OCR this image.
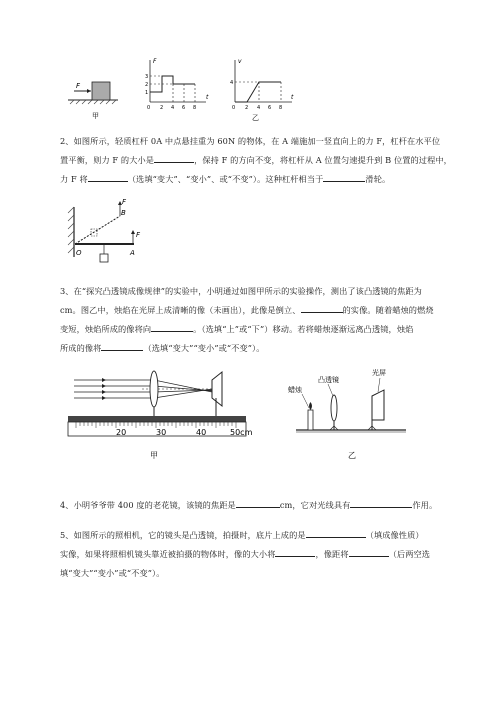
F
甲
F
t
3
2
1
0 2 4 6 8
v
t
4
0 2 4 6 8
乙
2、如图所示，轻质杠杆 0A 中点悬挂重为 60N 的物体，在 A 端施加一竖直向上的力 F，杠杆在水平位
置平衡，则力 F 的大小是	，保持 F 的方向不变，将杠杆从 A 位置匀速提升到 B 位置的过程中，
力 F 将	（选填“变大”、“变小”、或“不变”）。这种杠杆相当于	滑轮。
F
B
O	A
F
3、在“探究凸透镜成像规律”的实验中，小明通过如图甲所示的实验操作，测出了该凸透镜的焦距为
cm。图乙中，烛焰在光屏上成清晰的像（未画出），此像是倒立、	的实像。随着蜡烛的燃烧
变短，烛焰所成的像将向	。（选填“上”或“下”）移动。若将蜡烛逐渐远离凸透镜，烛焰
所成的像将	（选填“变大”“变小”或“不变”）。
20	30	40	50cm
甲
凸透镜
光屏
蜡烛
乙
4、小明爷爷带 400 度的老花镜，该镜的焦距是	cm，它对光线具有	作用。
5、如图所示的照相机，它的镜头是凸透镜，拍摄时，底片上成的是	（填成像性质）
实像，如果将照相机镜头靠近被拍摄的物体时，像的大小将	，像距将	（后两空选
填“变大”“变小”或“不变”）。
